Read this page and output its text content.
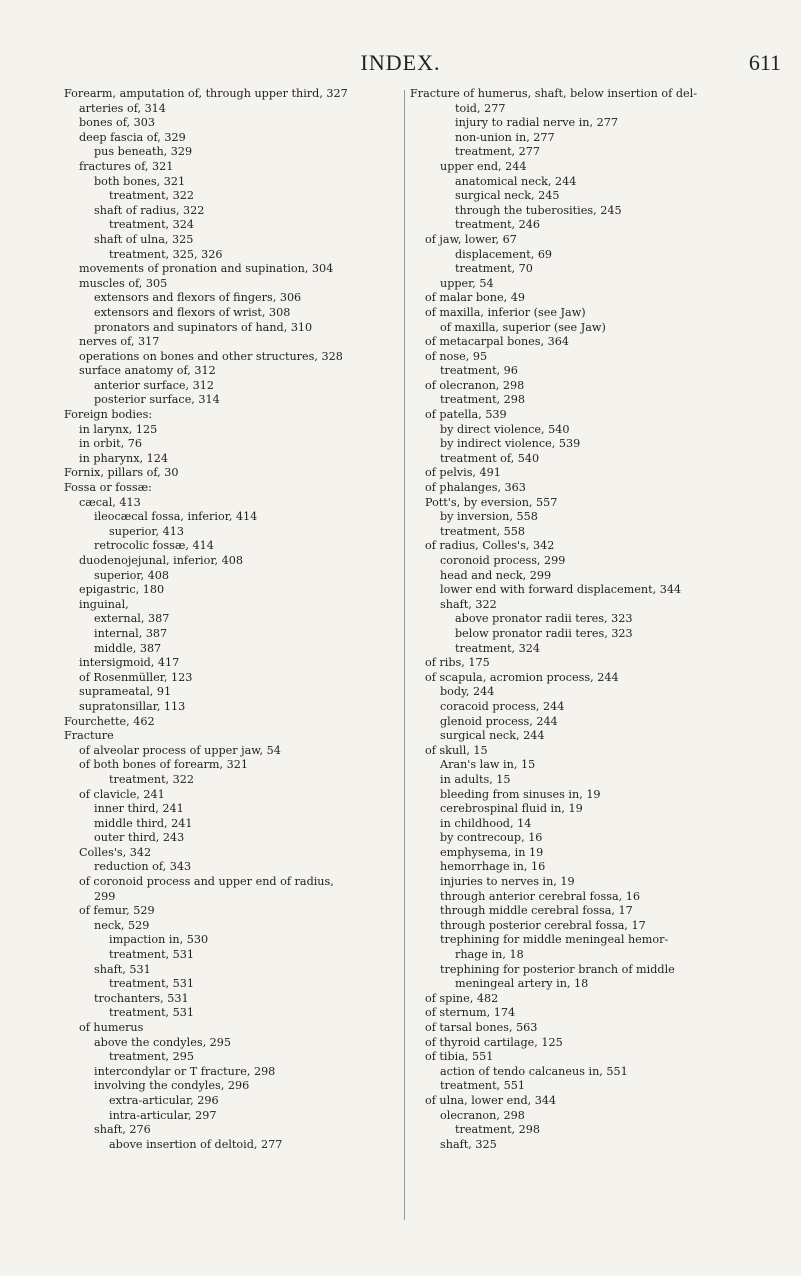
INDEX.	611
Forearm, amputation of, through upper third, 327
arteries of, 314
bones of, 303
deep fascia of, 329
pus beneath, 329
fractures of, 321
both bones, 321
treatment, 322
shaft of radius, 322
treatment, 324
shaft of ulna, 325
treatment, 325, 326
movements of pronation and supination, 304
muscles of, 305
extensors and flexors of fingers, 306
extensors and flexors of wrist, 308
pronators and supinators of hand, 310
nerves of, 317
operations on bones and other structures, 328
surface anatomy of, 312
anterior surface, 312
posterior surface, 314
Foreign bodies:
in larynx, 125
in orbit, 76
in pharynx, 124
Fornix, pillars of, 30
Fossa or fossæ:
cæcal, 413
ileocæcal fossa, inferior, 414
superior, 413
retrocolic fossæ, 414
duodenojejunal, inferior, 408
superior, 408
epigastric, 180
inguinal,
external, 387
internal, 387
middle, 387
intersigmoid, 417
of Rosenmüller, 123
suprameatal, 91
supratonsillar, 113
Fourchette, 462
Fracture
of alveolar process of upper jaw, 54
of both bones of forearm, 321
treatment, 322
of clavicle, 241
inner third, 241
middle third, 241
outer third, 243
Colles's, 342
reduction of, 343
of coronoid process and upper end of radius,
299
of femur, 529
neck, 529
impaction in, 530
treatment, 531
shaft, 531
treatment, 531
trochanters, 531
treatment, 531
of humerus
above the condyles, 295
treatment, 295
intercondylar or T fracture, 298
involving the condyles, 296
extra-articular, 296
intra-articular, 297
shaft, 276
above insertion of deltoid, 277
Fracture of humerus, shaft, below insertion of del-
toid, 277
injury to radial nerve in, 277
non-union in, 277
treatment, 277
upper end, 244
anatomical neck, 244
surgical neck, 245
through the tuberosities, 245
treatment, 246
of jaw, lower, 67
displacement, 69
treatment, 70
upper, 54
of malar bone, 49
of maxilla, inferior (see Jaw)
of maxilla, superior (see Jaw)
of metacarpal bones, 364
of nose, 95
treatment, 96
of olecranon, 298
treatment, 298
of patella, 539
by direct violence, 540
by indirect violence, 539
treatment of, 540
of pelvis, 491
of phalanges, 363
Pott's, by eversion, 557
by inversion, 558
treatment, 558
of radius, Colles's, 342
coronoid process, 299
head and neck, 299
lower end with forward displacement, 344
shaft, 322
above pronator radii teres, 323
below pronator radii teres, 323
treatment, 324
of ribs, 175
of scapula, acromion process, 244
body, 244
coracoid process, 244
glenoid process, 244
surgical neck, 244
of skull, 15
Aran's law in, 15
in adults, 15
bleeding from sinuses in, 19
cerebrospinal fluid in, 19
in childhood, 14
by contrecoup, 16
emphysema, in 19
hemorrhage in, 16
injuries to nerves in, 19
through anterior cerebral fossa, 16
through middle cerebral fossa, 17
through posterior cerebral fossa, 17
trephining for middle meningeal hemor-
rhage in, 18
trephining for posterior branch of middle
meningeal artery in, 18
of spine, 482
of sternum, 174
of tarsal bones, 563
of thyroid cartilage, 125
of tibia, 551
action of tendo calcaneus in, 551
treatment, 551
of ulna, lower end, 344
olecranon, 298
treatment, 298
shaft, 325
